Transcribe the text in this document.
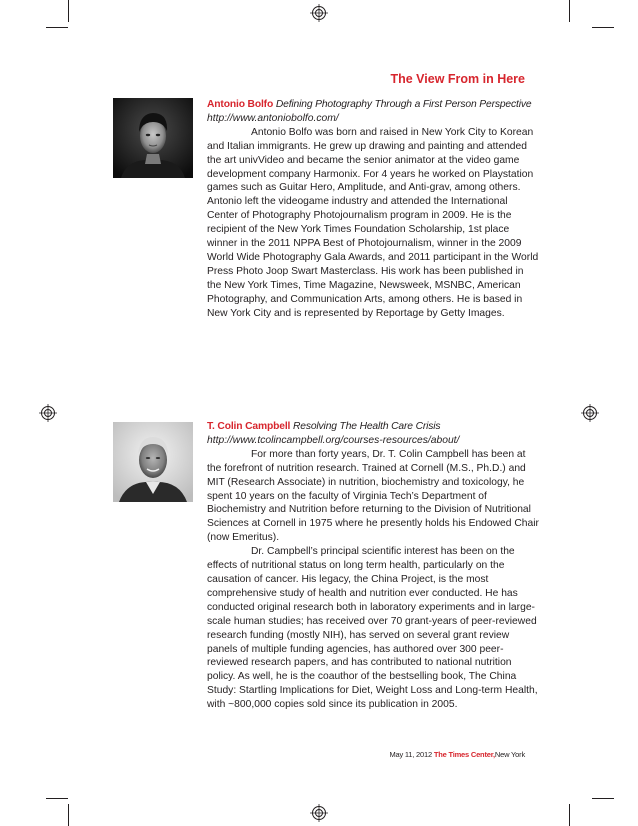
The View From in Here
Antonio Bolfo Defining Photography Through a First Person Perspective
http://www.antoniobolfo.com/

Antonio Bolfo was born and raised in New York City to Korean and Italian immigrants. He grew up drawing and painting and attended the art univVideo and became the senior animator at the video game development company Harmonix. For 4 years he worked on Playstation games such as Guitar Hero, Amplitude, and Anti-grav, among others. Antonio left the videogame industry and attended the International Center of Photography Photojournalism program in 2009. He is the recipient of the New York Times Foundation Scholarship, 1st place winner in the 2011 NPPA Best of Photojournalism, winner in the 2009 World Wide Photography Gala Awards, and 2011 participant in the World Press Photo Joop Swart Masterclass. His work has been published in the New York Times, Time Magazine, Newsweek, MSNBC, American Photography, and Communication Arts, among others. He is based in New York City and is represented by Reportage by Getty Images.

T. Colin Campbell Resolving The Health Care Crisis
http://www.tcolincampbell.org/courses-resources/about/

For more than forty years, Dr. T. Colin Campbell has been at the forefront of nutrition research. Trained at Cornell (M.S., Ph.D.) and MIT (Research Associate) in nutrition, biochemistry and toxicology, he spent 10 years on the faculty of Virginia Tech’s Department of Biochemistry and Nutrition before returning to the Division of Nutritional Sciences at Cornell in 1975 where he presently holds his Endowed Chair (now Emeritus).

Dr. Campbell’s principal scientific interest has been on the effects of nutritional status on long term health, particularly on the causation of cancer. His legacy, the China Project, is the most comprehensive study of health and nutrition ever conducted. He has conducted original research both in laboratory experiments and in large-scale human studies; has received over 70 grant-years of peer-reviewed research funding (mostly NIH), has served on several grant review panels of multiple funding agencies, has authored over 300 peer-reviewed research papers, and has contributed to national nutrition policy. As well, he is the coauthor of the bestselling book, The China Study: Startling Implications for Diet, Weight Loss and Long-term Health, with ~800,000 copies sold since its publication in 2005.

May 11, 2012 The Times Center,New York
